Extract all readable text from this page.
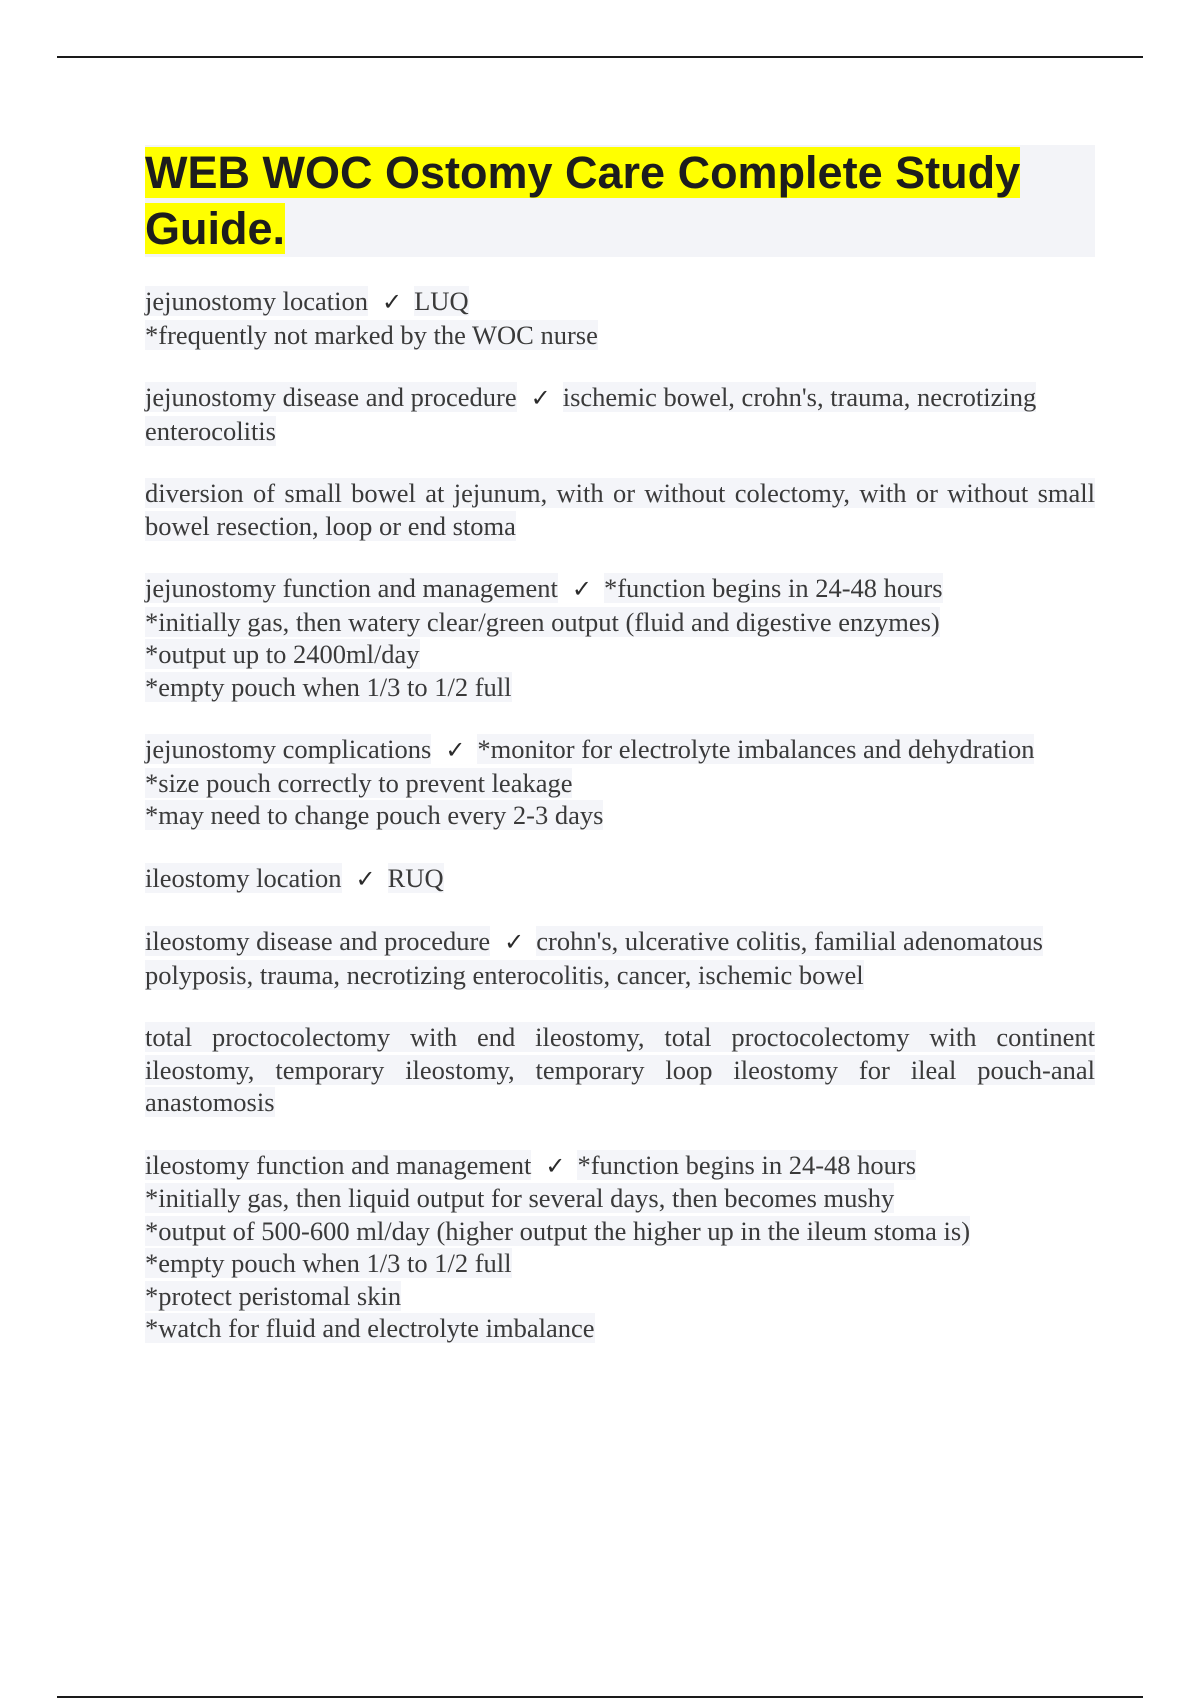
WEB WOC Ostomy Care Complete Study Guide.

jejunostomy location ✓ LUQ
*frequently not marked by the WOC nurse

jejunostomy disease and procedure ✓ ischemic bowel, crohn's, trauma, necrotizing enterocolitis

diversion of small bowel at jejunum, with or without colectomy, with or without small bowel resection, loop or end stoma

jejunostomy function and management ✓ *function begins in 24-48 hours
*initially gas, then watery clear/green output (fluid and digestive enzymes)
*output up to 2400ml/day
*empty pouch when 1/3 to 1/2 full

jejunostomy complications ✓ *monitor for electrolyte imbalances and dehydration
*size pouch correctly to prevent leakage
*may need to change pouch every 2-3 days

ileostomy location ✓ RUQ

ileostomy disease and procedure ✓ crohn's, ulcerative colitis, familial adenomatous polyposis, trauma, necrotizing enterocolitis, cancer, ischemic bowel

total proctocolectomy with end ileostomy, total proctocolectomy with continent ileostomy, temporary ileostomy, temporary loop ileostomy for ileal pouch-anal anastomosis

ileostomy function and management ✓ *function begins in 24-48 hours
*initially gas, then liquid output for several days, then becomes mushy
*output of 500-600 ml/day (higher output the higher up in the ileum stoma is)
*empty pouch when 1/3 to 1/2 full
*protect peristomal skin
*watch for fluid and electrolyte imbalance
